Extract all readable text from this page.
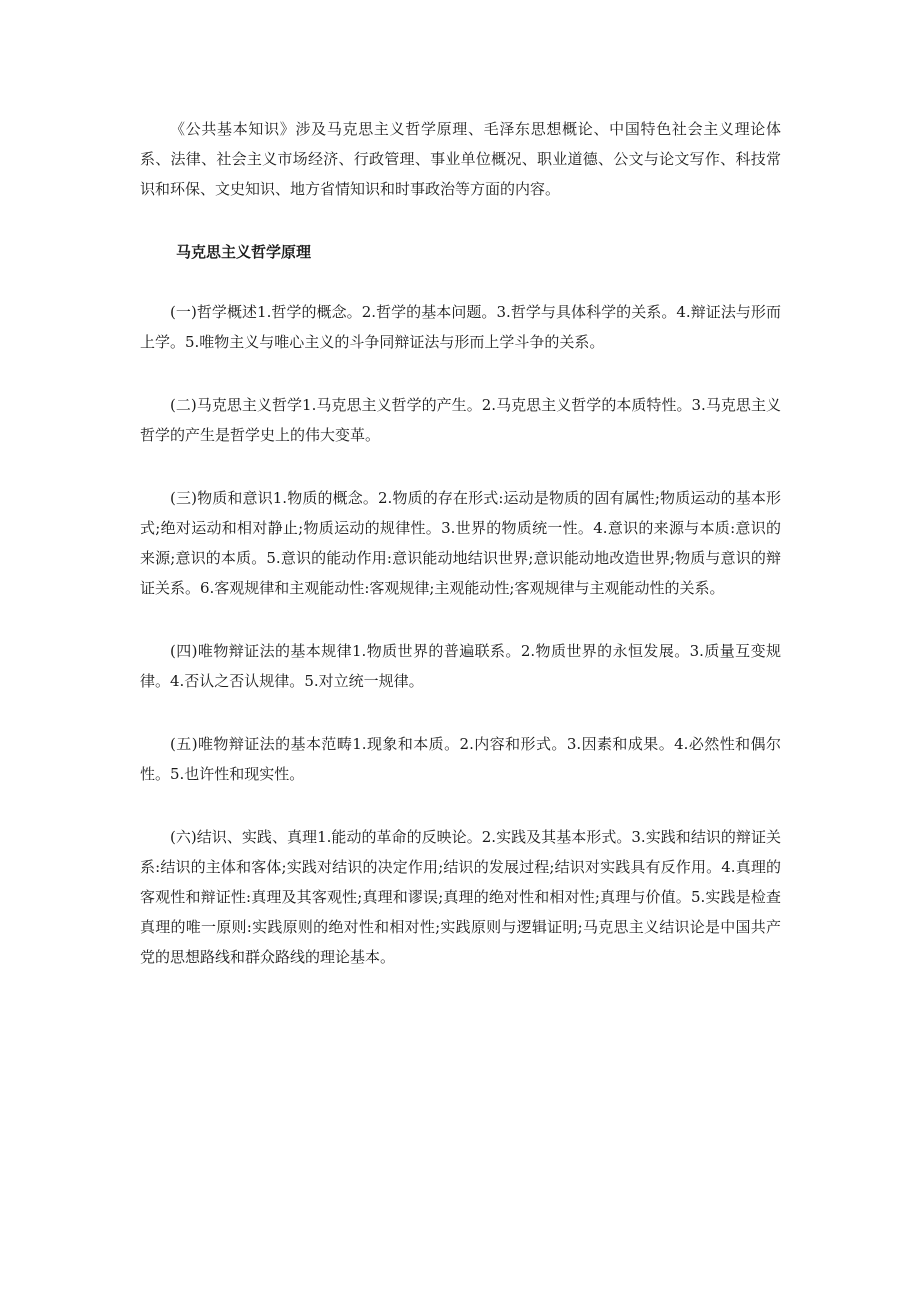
《公共基本知识》涉及马克思主义哲学原理、毛泽东思想概论、中国特色社会主义理论体系、法律、社会主义市场经济、行政管理、事业单位概况、职业道德、公文与论文写作、科技常识和环保、文史知识、地方省情知识和时事政治等方面的内容。

马克思主义哲学原理

(一)哲学概述1.哲学的概念。2.哲学的基本问题。3.哲学与具体科学的关系。4.辩证法与形而上学。5.唯物主义与唯心主义的斗争同辩证法与形而上学斗争的关系。

(二)马克思主义哲学1.马克思主义哲学的产生。2.马克思主义哲学的本质特性。3.马克思主义哲学的产生是哲学史上的伟大变革。

(三)物质和意识1.物质的概念。2.物质的存在形式:运动是物质的固有属性;物质运动的基本形式;绝对运动和相对静止;物质运动的规律性。3.世界的物质统一性。4.意识的来源与本质:意识的来源;意识的本质。5.意识的能动作用:意识能动地结识世界;意识能动地改造世界;物质与意识的辩证关系。6.客观规律和主观能动性:客观规律;主观能动性;客观规律与主观能动性的关系。

(四)唯物辩证法的基本规律1.物质世界的普遍联系。2.物质世界的永恒发展。3.质量互变规律。4.否认之否认规律。5.对立统一规律。

(五)唯物辩证法的基本范畴1.现象和本质。2.内容和形式。3.因素和成果。4.必然性和偶尔性。5.也许性和现实性。

(六)结识、实践、真理1.能动的革命的反映论。2.实践及其基本形式。3.实践和结识的辩证关系:结识的主体和客体;实践对结识的决定作用;结识的发展过程;结识对实践具有反作用。4.真理的客观性和辩证性:真理及其客观性;真理和谬误;真理的绝对性和相对性;真理与价值。5.实践是检查真理的唯一原则:实践原则的绝对性和相对性;实践原则与逻辑证明;马克思主义结识论是中国共产党的思想路线和群众路线的理论基本。
